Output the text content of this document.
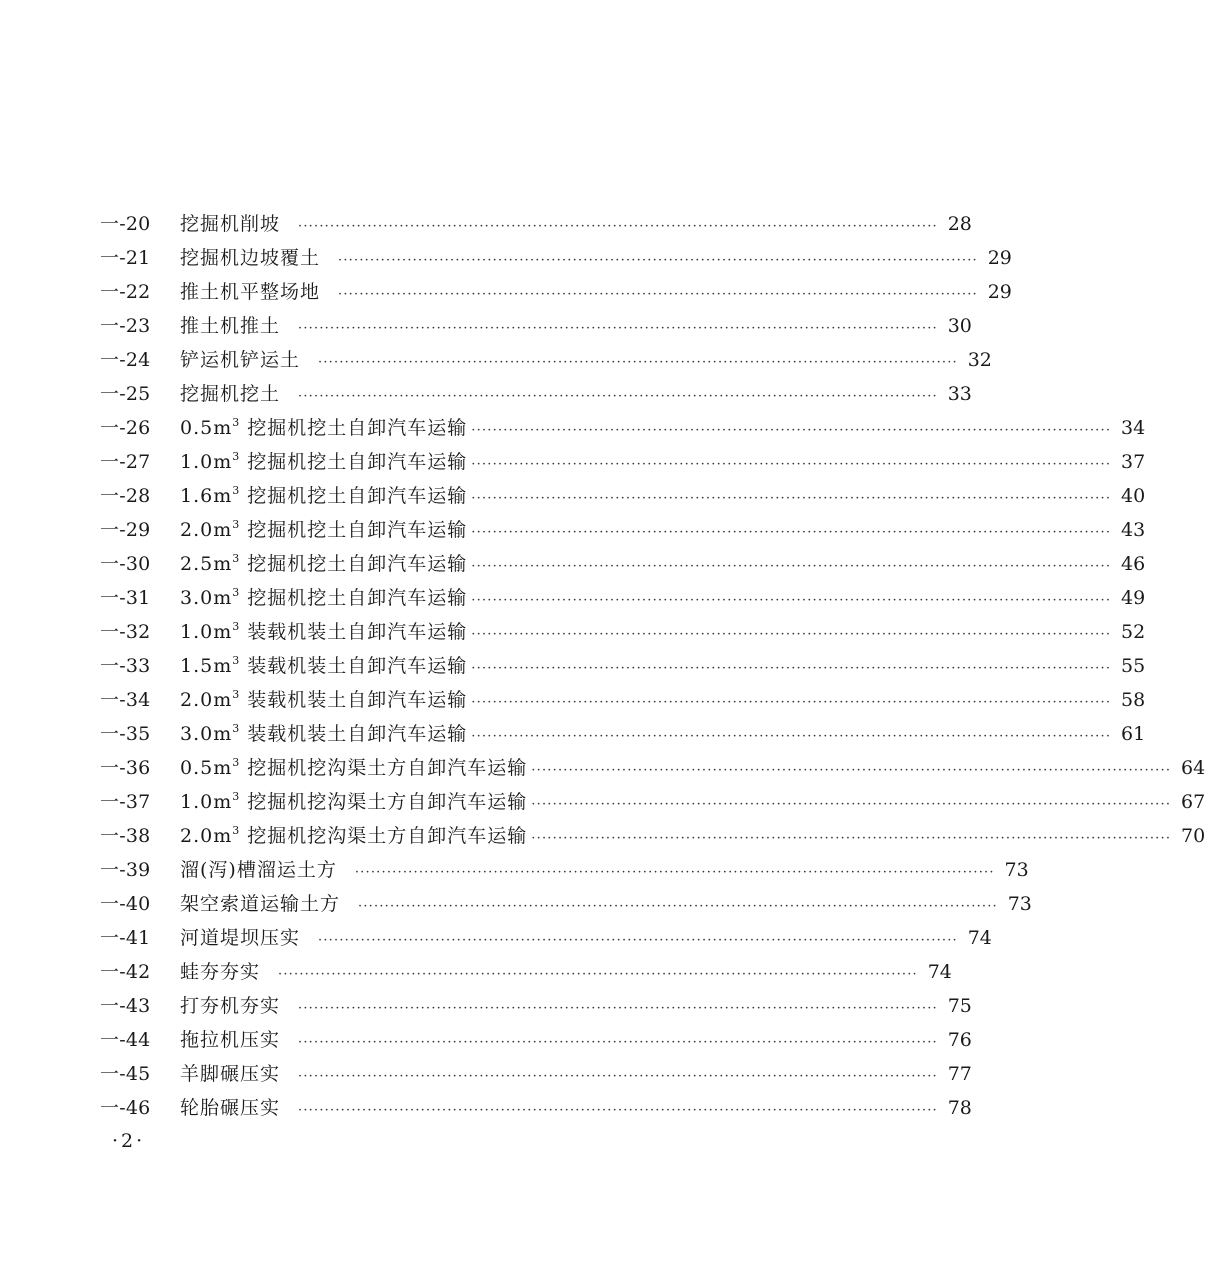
一-20	挖掘机削坡	························································································································ 28
一-21	挖掘机边坡覆土	························································································································ 29
一-22	推土机平整场地	························································································································ 29
一-23	推土机推土	························································································································ 30
一-24	铲运机铲运土	························································································································ 32
一-25	挖掘机挖土	························································································································ 33
一-26	$0.5m^3$ 挖掘机挖土自卸汽车运输 ························································································································ 34
一-27	$1.0m^3$ 挖掘机挖土自卸汽车运输 ························································································································ 37
一-28	$1.6m^3$ 挖掘机挖土自卸汽车运输 ························································································································ 40
一-29	$2.0m^3$ 挖掘机挖土自卸汽车运输 ························································································································ 43
一-30	$2.5m^3$ 挖掘机挖土自卸汽车运输 ························································································································ 46
一-31	$3.0m^3$ 挖掘机挖土自卸汽车运输 ························································································································ 49
一-32	$1.0m^3$ 装载机装土自卸汽车运输 ························································································································ 52
一-33	$1.5m^3$ 装载机装土自卸汽车运输 ························································································································ 55
一-34	$2.0m^3$ 装载机装土自卸汽车运输 ························································································································ 58
一-35	$3.0m^3$ 装载机装土自卸汽车运输 ························································································································ 61
一-36	$0.5m^3$ 挖掘机挖沟渠土方自卸汽车运输 ························································································································ 64
一-37	$1.0m^3$ 挖掘机挖沟渠土方自卸汽车运输 ························································································································ 67
一-38	$2.0m^3$ 挖掘机挖沟渠土方自卸汽车运输 ························································································································ 70
一-39	溜(泻)槽溜运土方	························································································································ 73
一-40	架空索道运输土方	························································································································ 73
一-41	河道堤坝压实	························································································································ 74
一-42	蛙夯夯实	························································································································ 74
一-43	打夯机夯实	························································································································ 75
一-44	拖拉机压实	························································································································ 76
一-45	羊脚碾压实	························································································································ 77
一-46	轮胎碾压实	························································································································ 78
·2·
